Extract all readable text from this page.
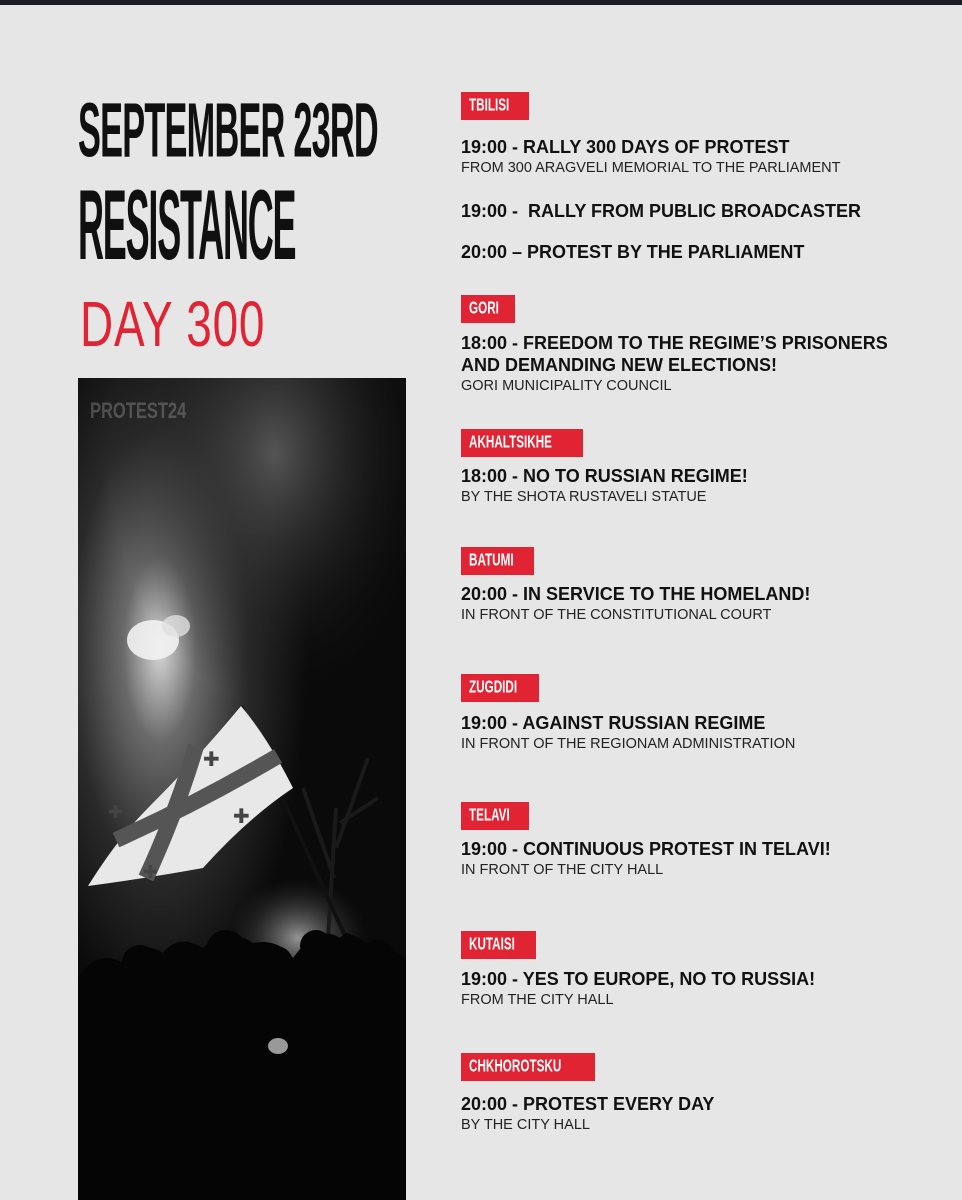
SEPTEMBER 23RD
RESISTANCE
DAY 300
✚
✚
✚
✚
PROTEST24
TBILISI

19:00 - RALLY 300 DAYS OF PROTEST

FROM 300 ARAGVELI MEMORIAL TO THE PARLIAMENT

19:00 -  RALLY FROM PUBLIC BROADCASTER

20:00 – PROTEST BY THE PARLIAMENT

GORI

18:00 - FREEDOM TO THE REGIME’S PRISONERS
AND DEMANDING NEW ELECTIONS!

GORI MUNICIPALITY COUNCIL

AKHALTSIKHE

18:00 - NO TO RUSSIAN REGIME!

BY THE SHOTA RUSTAVELI STATUE

BATUMI

20:00 - IN SERVICE TO THE HOMELAND!

IN FRONT OF THE CONSTITUTIONAL COURT

ZUGDIDI

19:00 - AGAINST RUSSIAN REGIME

IN FRONT OF THE REGIONAM ADMINISTRATION

TELAVI

19:00 - CONTINUOUS PROTEST IN TELAVI!

IN FRONT OF THE CITY HALL

KUTAISI

19:00 - YES TO EUROPE, NO TO RUSSIA!

FROM THE CITY HALL

CHKHOROTSKU

20:00 - PROTEST EVERY DAY

BY THE CITY HALL
